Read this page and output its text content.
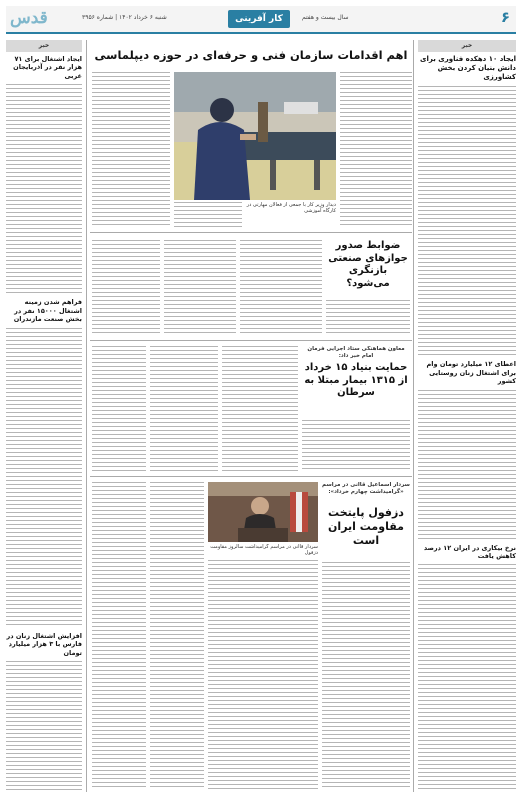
قدس	شنبه ۶ خرداد ۱۴۰۲ | شماره ۳۹۵۶	کار آفرینی	سال بیست و هفتم	۶
خبر
ایجاد ۱۰ دهکده فناوری برای دانش بنیان کردن بخش کشاورزی
اعطای ۱۲ میلیارد تومان وام برای اشتغال زنان روستایی کشور
نرخ بیکاری در ایران ۱۲ درصد کاهش یافت
خبر
ایجاد اشتغال برای ۷۱ هزار نفر در آذربایجان غربی
فراهم شدن زمینه اشتغال ۱۵۰۰۰ نفر در بخش صنعت مازندران
افزایش اشتغال زنان در فارس با ۳ هزار میلیارد تومان
اهم اقدامات سازمان فنی و حرفه‌ای در حوزه دیپلماسی
دیدار وزیر کار با جمعی از فعالان مهارتی در کارگاه آموزشی
ضوابط صدور جوازهای صنعتی بازنگری می‌شود؟
معاون هماهنگی ستاد اجرایی فرمان امام خبر داد:
حمایت بنیاد ۱۵ خرداد از ۱۳۱۵ بیمار مبتلا به سرطان
سردار قاآنی در مراسم گرامیداشت سالروز مقاومت دزفول
سردار اسماعیل قاآنی در مراسم «گرامیداشت چهارم خرداد»:
دزفول پایتخت مقاومت ایران است
